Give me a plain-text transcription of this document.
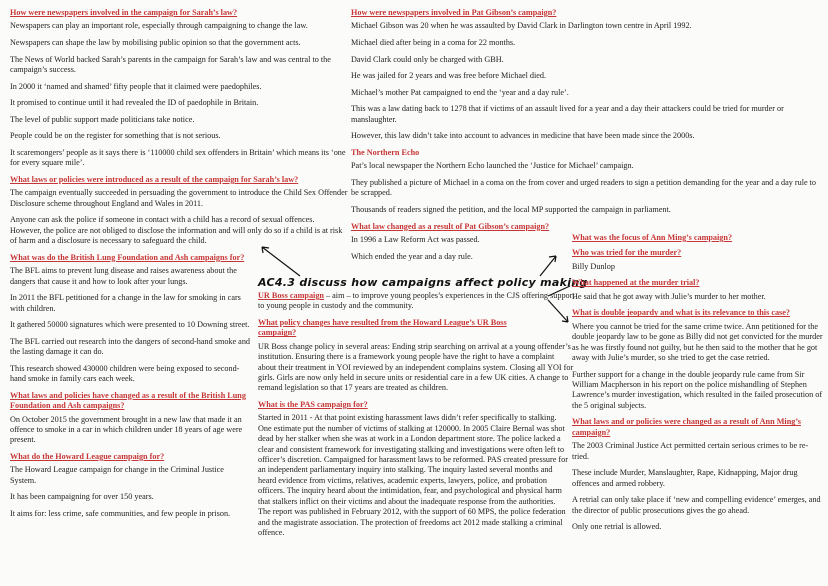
How were newspapers involved in the campaign for Sarah’s law?
Newspapers can play an important role, especially through campaigning to change the law.
Newspapers can shape the law by mobilising public opinion so that the government acts.
The News of World backed Sarah’s parents in the campaign for Sarah’s law and was central to the campaign’s success.
In 2000 it ‘named and shamed’ fifty people that it claimed were paedophiles.
It promised to continue until it had revealed the ID of paedophile in Britain.
The level of public support made politicians take notice.
People could be on the register for something that is not serious.
It scaremongers’ people as it says there is ‘110000 child sex offenders in Britain’ which means its ‘one for every square mile’.
What laws or policies were introduced as a result of the campaign for Sarah’s law?
The campaign eventually succeeded in persuading the government to introduce the Child Sex Offender Disclosure scheme throughout England and Wales in 2011.
Anyone can ask the police if someone in contact with a child has a record of sexual offences. However, the police are not obliged to disclose the information and will only do so if a child is at risk of harm and a disclosure is necessary to safeguard the child.
What was do the British Lung Foundation and Ash campaigns for?
The BFL aims to prevent lung disease and raises awareness about the dangers that cause it and how to look after your lungs.
In 2011 the BFL petitioned for a change in the law for smoking in cars with children.
It gathered 50000 signatures which were presented to 10 Downing street.
The BFL carried out research into the dangers of second-hand smoke and the lasting damage it can do.
This research showed 430000 children were being exposed to second-hand smoke in family cars each week.
What laws and policies have changed as a result of the British Lung Foundation and Ash campaigns?
On October 2015 the government brought in a new law that made it an offence to smoke in a car in which children under 18 years of age were present.
What do the Howard League campaign for?
The Howard League campaign for change in the Criminal Justice System.
It has been campaigning for over 150 years.
It aims for: less crime, safe communities, and few people in prison.
How were newspapers involved in Pat Gibson’s campaign?
Michael Gibson was 20 when he was assaulted by David Clark in Darlington town centre in April 1992.
Michael died after being in a coma for 22 months.
David Clark could only be charged with GBH.
He was jailed for 2 years and was free before Michael died.
Michael’s mother Pat campaigned to end the ‘year and a day rule’.
This was a law dating back to 1278 that if victims of an assault lived for a year and a day their attackers could be tried for murder or manslaughter.
However, this law didn’t take into account to advances in medicine that have been made since the 2000s.
The Northern Echo
Pat’s local newspaper the Northern Echo launched the ‘Justice for Michael’ campaign.
They published a picture of Michael in a coma on the from cover and urged readers to sign a petition demanding for the year and a day rule to be scrapped.
Thousands of readers signed the petition, and the local MP supported the campaign in parliament.
What law changed as a result of Pat Gibson’s campaign?
In 1996 a Law Reform Act was passed.
Which ended the year and a day rule.
AC4.3 discuss how campaigns affect policy making
UR Boss campaign – aim – to improve young peoples’s experiences in the CJS offering support to young people in custody and the community.
What policy changes have resulted from the Howard League’s UR Boss campaign?
UR Boss change policy in several areas: Ending strip searching on arrival at a young offender’s institution. Ensuring there is a framework young people have the right to have a complaint about their treatment in YOI reviewed by an independent complains system. Closing all YOI for girls. Girls are now only held in secure units or residential care in a few UK cities. A change to remand legislation so that 17 years are treated as children.
What is the PAS campaign for?
Started in 2011 - At that point existing harassment laws didn’t refer specifically to stalking. One estimate put the number of victims of stalking at 120000. In 2005 Claire Bernal was shot dead by her stalker when she was at work in a London department store. The police lacked a clear and consistent framework for investigating stalking and investigations were often left to officer’s discretion. Campaigned for harassment laws to be reformed. PAS created pressure for an independent parliamentary inquiry into stalking. The inquiry lasted several months and heard evidence from victims, relatives, academic experts, lawyers, police, and probation officers. The inquiry heard about the intimidation, fear, and psychological and physical harm that stalkers inflict on their victims and about the inadequate response from the authorities. The report was published in February 2012, with the support of 60 MPS, the police federation and the magistrate association. The protection of freedoms act 2012 made stalking a criminal offence.
What was the focus of Ann Ming’s campaign?
Who was tried for the murder?
Billy Dunlop
What happened at the murder trial?
He said that he got away with Julie’s murder to her mother.
What is double jeopardy and what is its relevance to this case?
Where you cannot be tried for the same crime twice. Ann petitioned for the double jeopardy law to be gone as Billy did not get convicted for the murder as he was firstly found not guilty, but he then said to the mother that he got away with Julie’s murder, so she tried to get the case retried.
Further support for a change in the double jeopardy rule came from Sir William Macpherson in his report on the police mishandling of Stephen Lawrence’s murder investigation, which resulted in the failed prosecution of the 5 original subjects.
What laws and or policies were changed as a result of Ann Ming’s campaign?
The 2003 Criminal Justice Act permitted certain serious crimes to be re-tried.
These include Murder, Manslaughter, Rape, Kidnapping, Major drug offences and armed robbery.
A retrial can only take place if ‘new and compelling evidence’ emerges, and the director of public prosecutions gives the go ahead.
Only one retrial is allowed.
